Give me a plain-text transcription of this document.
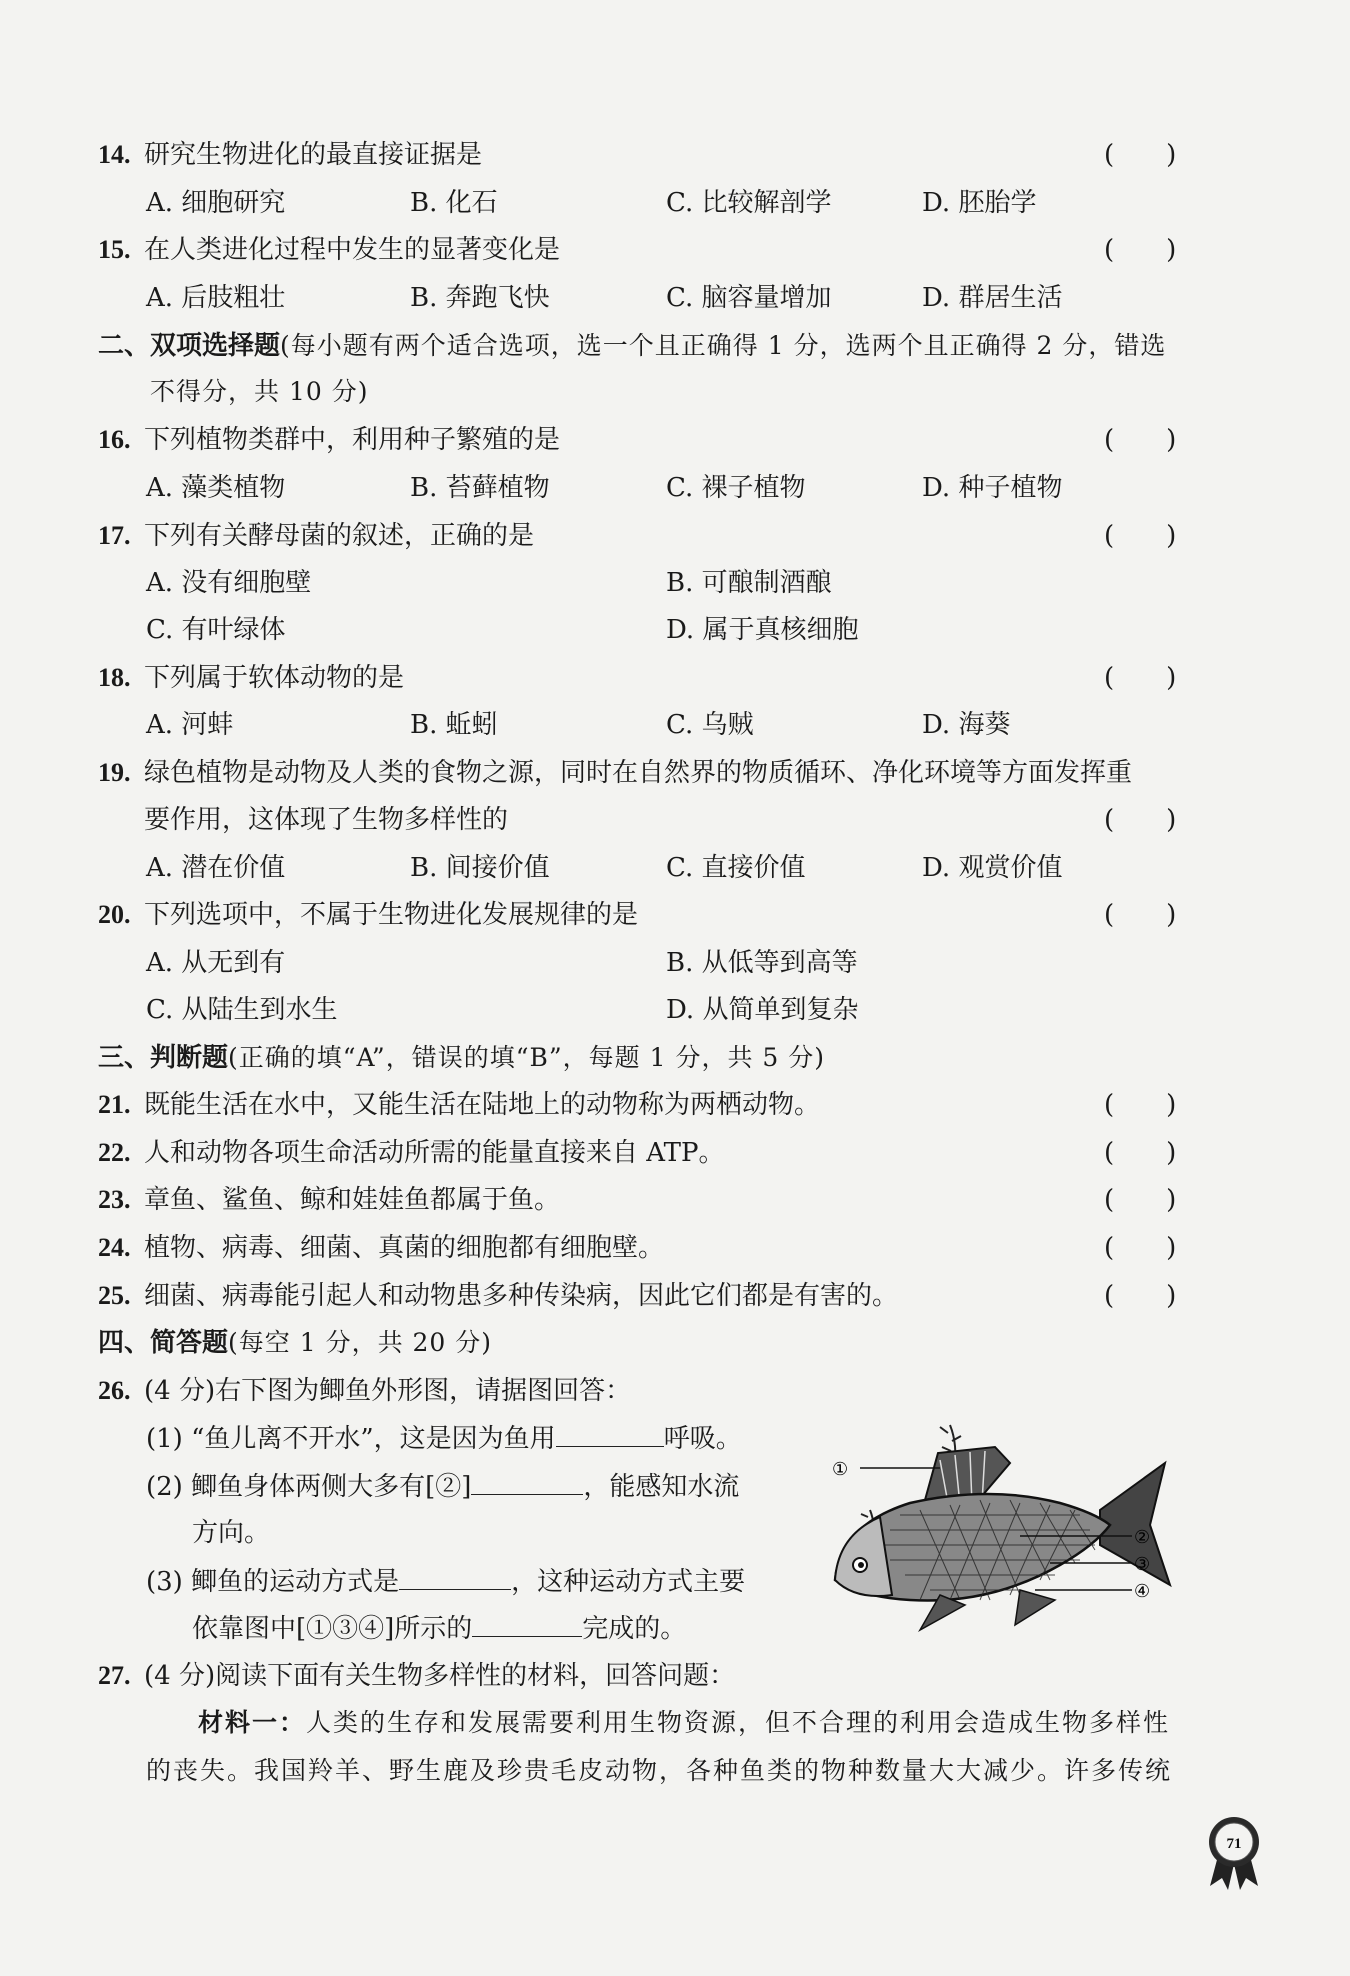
14. 研究生物进化的最直接证据是	(　　)
A. 细胞研究	B. 化石	C. 比较解剖学	D. 胚胎学
15. 在人类进化过程中发生的显著变化是	(　　)
A. 后肢粗壮	B. 奔跑飞快	C. 脑容量增加	D. 群居生活
二、双项选择题(每小题有两个适合选项，选一个且正确得 1 分，选两个且正确得 2 分，错选
不得分，共 10 分)
16. 下列植物类群中，利用种子繁殖的是	(　　)
A. 藻类植物	B. 苔藓植物	C. 裸子植物	D. 种子植物
17. 下列有关酵母菌的叙述，正确的是	(　　)
A. 没有细胞壁	B. 可酿制酒酿
C. 有叶绿体	D. 属于真核细胞
18. 下列属于软体动物的是	(　　)
A. 河蚌	B. 蚯蚓	C. 乌贼	D. 海葵
19. 绿色植物是动物及人类的食物之源，同时在自然界的物质循环、净化环境等方面发挥重
要作用，这体现了生物多样性的	(　　)
A. 潜在价值	B. 间接价值	C. 直接价值	D. 观赏价值
20. 下列选项中，不属于生物进化发展规律的是	(　　)
A. 从无到有	B. 从低等到高等
C. 从陆生到水生	D. 从简单到复杂
三、判断题(正确的填“A”，错误的填“B”，每题 1 分，共 5 分)
21. 既能生活在水中，又能生活在陆地上的动物称为两栖动物。	(　　)
22. 人和动物各项生命活动所需的能量直接来自 ATP。	(　　)
23. 章鱼、鲨鱼、鲸和娃娃鱼都属于鱼。	(　　)
24. 植物、病毒、细菌、真菌的细胞都有细胞壁。	(　　)
25. 细菌、病毒能引起人和动物患多种传染病，因此它们都是有害的。	(　　)
四、简答题(每空 1 分，共 20 分)
26. (4 分)右下图为鲫鱼外形图，请据图回答：
(1) “鱼儿离不开水”，这是因为鱼用	呼吸。
(2) 鲫鱼身体两侧大多有[②]	，能感知水流
方向。
(3) 鲫鱼的运动方式是	，这种运动方式主要
依靠图中[①③④]所示的	完成的。
①
②
③
④
27. (4 分)阅读下面有关生物多样性的材料，回答问题：
材料一：人类的生存和发展需要利用生物资源，但不合理的利用会造成生物多样性
的丧失。我国羚羊、野生鹿及珍贵毛皮动物，各种鱼类的物种数量大大减少。许多传统
71
